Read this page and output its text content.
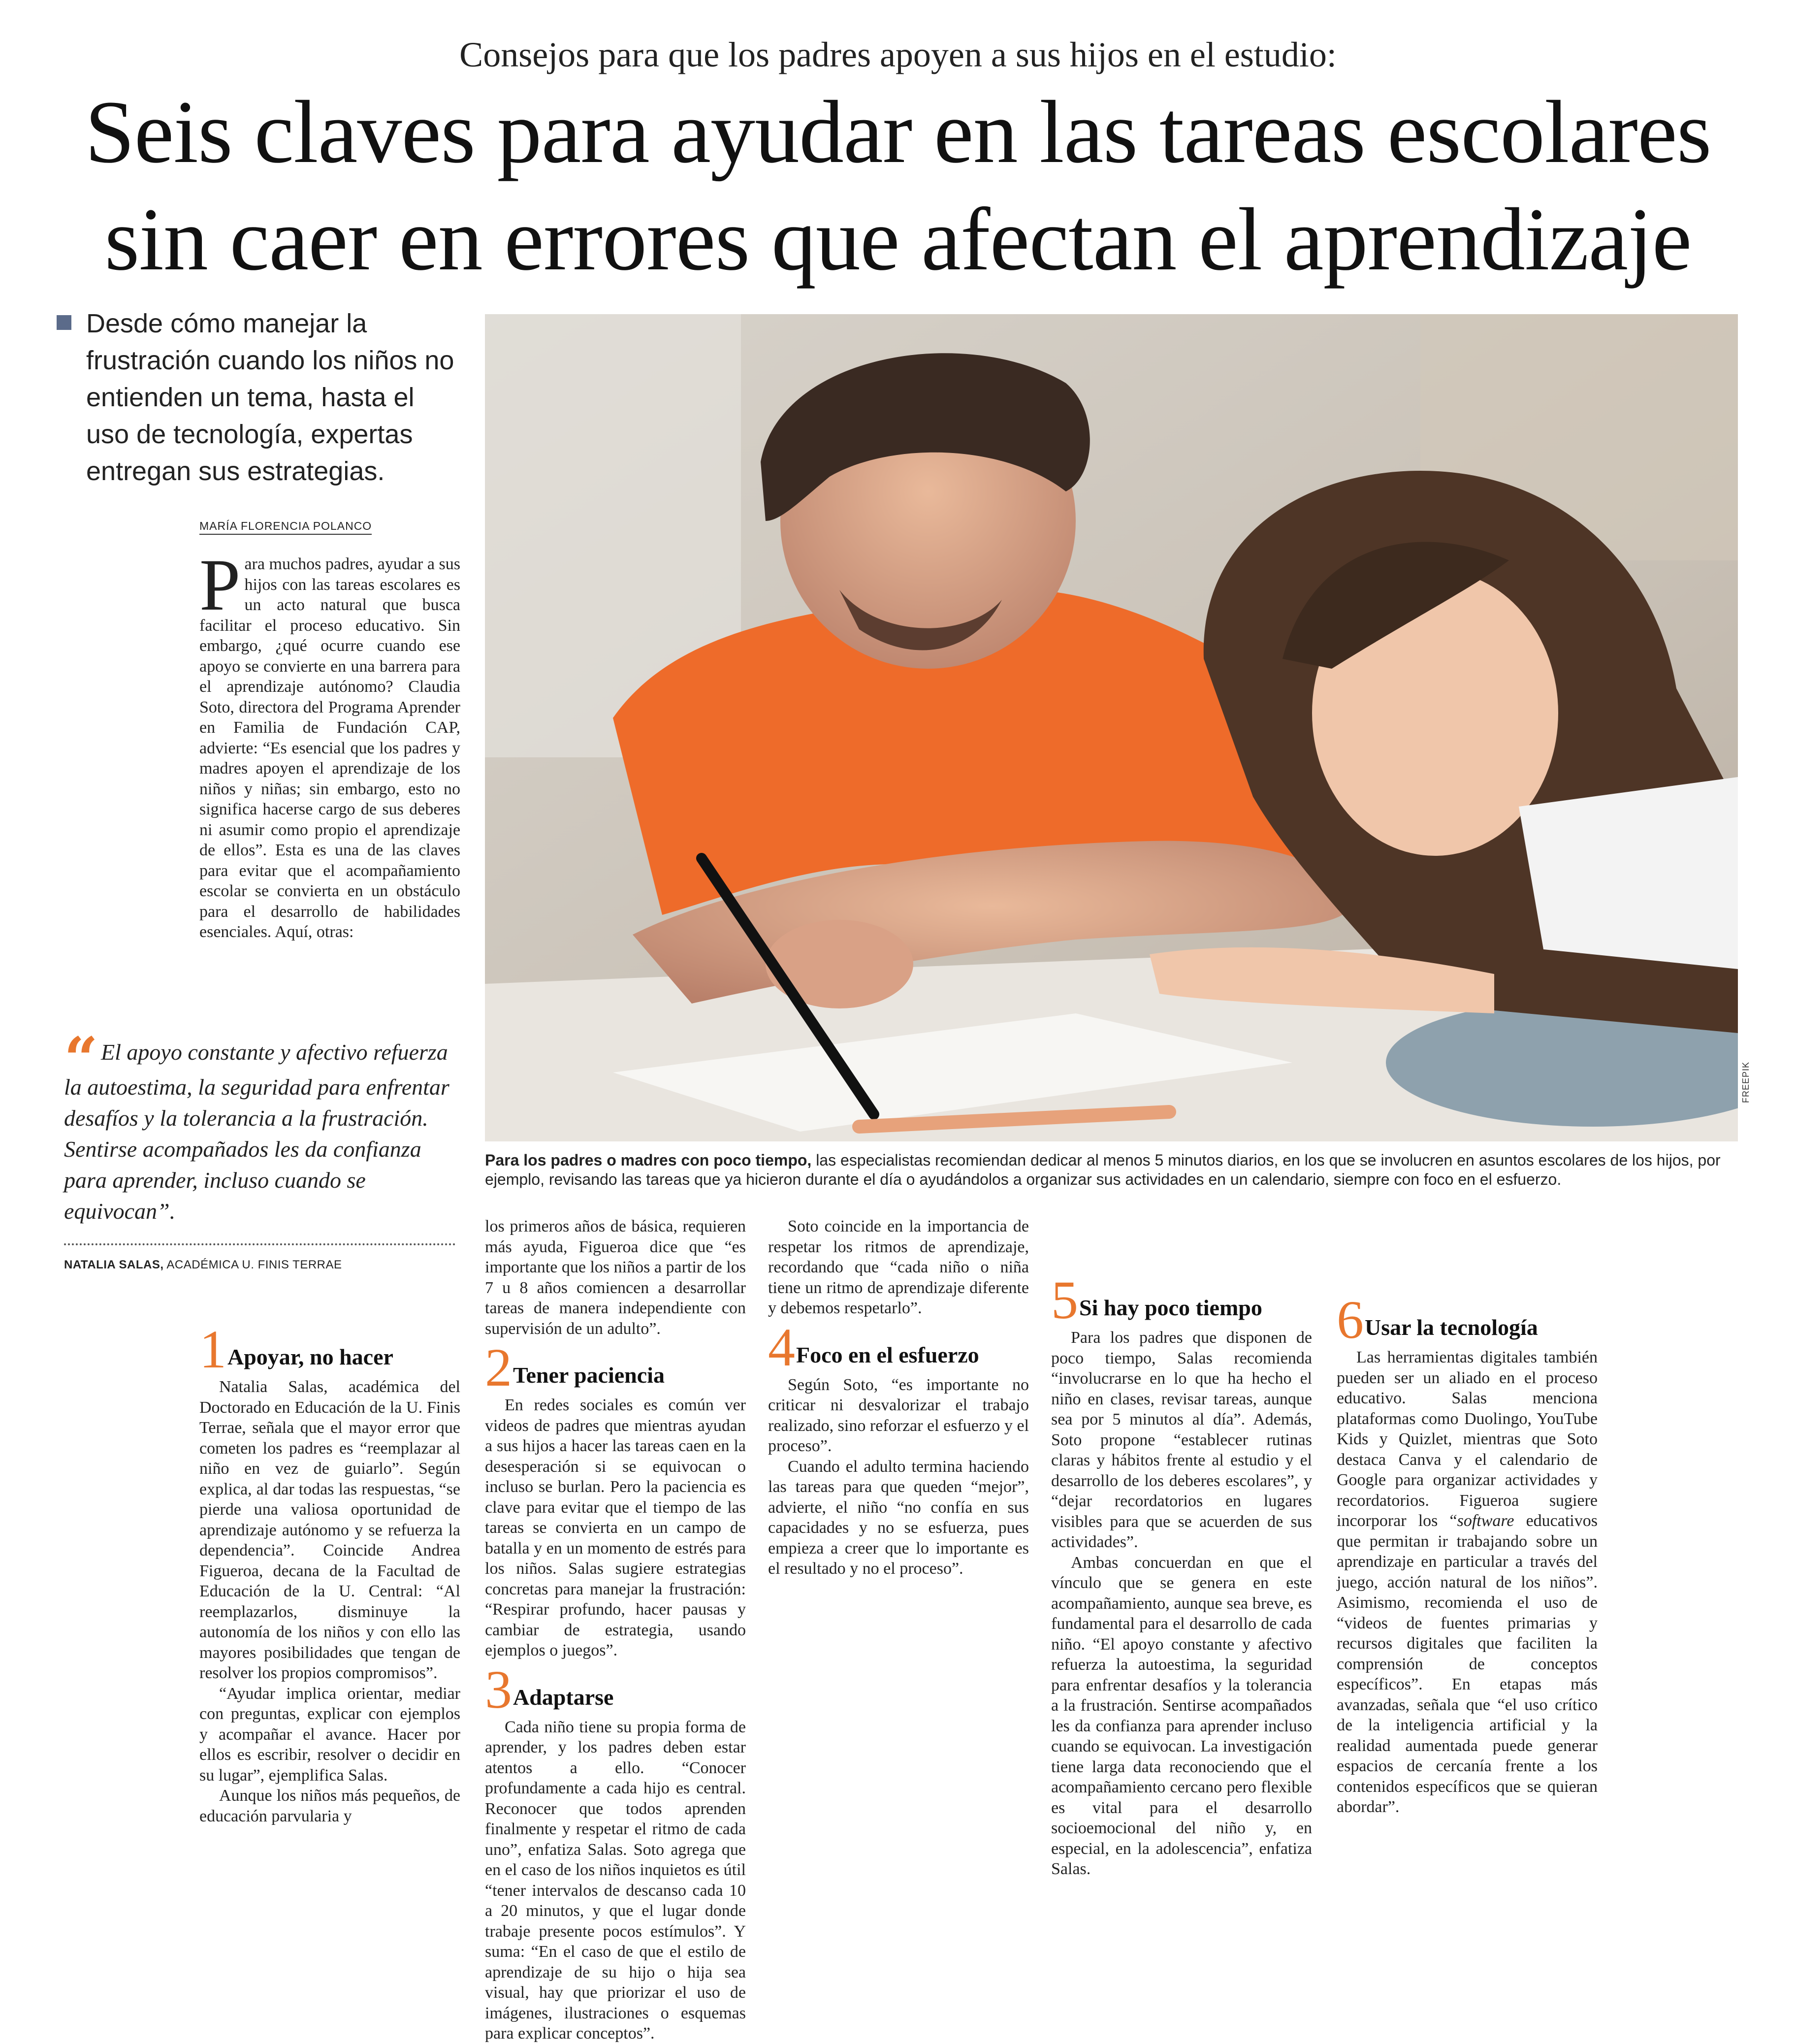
Consejos para que los padres apoyen a sus hijos en el estudio:
Seis claves para ayudar en las tareas escolares
sin caer en errores que afectan el aprendizaje

Desde cómo manejar la frustración cuando los niños no entienden un tema, hasta el uso de tecnología, expertas entregan sus estrategias.

MARÍA FLORENCIA POLANCO

Para muchos padres, ayudar a sus hijos con las tareas escolares es un acto natural que busca facilitar el proceso educativo. Sin embargo, ¿qué ocurre cuando ese apoyo se convierte en una barrera para el aprendizaje autónomo? Claudia Soto, directora del Programa Aprender en Familia de Fundación CAP, advierte: “Es esencial que los padres y madres apoyen el aprendizaje de los niños y niñas; sin embargo, esto no significa hacerse cargo de sus deberes ni asumir como propio el aprendizaje de ellos”. Esta es una de las claves para evitar que el acompañamiento escolar se convierta en un obstáculo para el desarrollo de habilidades esenciales. Aquí, otras:

“ El apoyo constante y afectivo refuerza la autoestima, la seguridad para enfrentar desafíos y la tolerancia a la frustración. Sentirse acompañados les da confianza para aprender, incluso cuando se equivocan”.
NATALIA SALAS, ACADÉMICA U. FINIS TERRAE
FREEPIK
Para los padres o madres con poco tiempo, las especialistas recomiendan dedicar al menos 5 minutos diarios, en los que se involucren en asuntos escolares de los hijos, por ejemplo, revisando las tareas que ya hicieron durante el día o ayudándolos a organizar sus actividades en un calendario, siempre con foco en el esfuerzo.
1Apoyar, no hacer

Natalia Salas, académica del Doctorado en Educación de la U. Finis Terrae, señala que el mayor error que cometen los padres es “reemplazar al niño en vez de guiarlo”. Según explica, al dar todas las respuestas, “se pierde una valiosa oportunidad de aprendizaje autónomo y se refuerza la dependencia”. Coincide Andrea Figueroa, decana de la Facultad de Educación de la U. Central: “Al reemplazarlos, disminuye la autonomía de los niños y con ello las mayores posibilidades que tengan de resolver los propios compromisos”.

“Ayudar implica orientar, mediar con preguntas, explicar con ejemplos y acompañar el avance. Hacer por ellos es escribir, resolver o decidir en su lugar”, ejemplifica Salas.

Aunque los niños más pequeños, de educación parvularia y

los primeros años de básica, requieren más ayuda, Figueroa dice que “es importante que los niños a partir de los 7 u 8 años comiencen a desarrollar tareas de manera independiente con supervisión de un adulto”.

2Tener paciencia

En redes sociales es común ver videos de padres que mientras ayudan a sus hijos a hacer las tareas caen en la desesperación si se equivocan o incluso se burlan. Pero la paciencia es clave para evitar que el tiempo de las tareas se convierta en un campo de batalla y en un momento de estrés para los niños. Salas sugiere estrategias concretas para manejar la frustración: “Respirar profundo, hacer pausas y cambiar de estrategia, usando ejemplos o juegos”.

3Adaptarse

Cada niño tiene su propia forma de aprender, y los padres deben estar atentos a ello. “Conocer profundamente a cada hijo es central. Reconocer que todos aprenden finalmente y respetar el ritmo de cada uno”, enfatiza Salas. Soto agrega que en el caso de los niños inquietos es útil “tener intervalos de descanso cada 10 a 20 minutos, y que el lugar donde trabaje presente pocos estímulos”. Y suma: “En el caso de que el estilo de aprendizaje de su hijo o hija sea visual, hay que priorizar el uso de imágenes, ilustraciones o esquemas para explicar conceptos”.

Soto coincide en la importancia de respetar los ritmos de aprendizaje, recordando que “cada niño o niña tiene un ritmo de aprendizaje diferente y debemos respetarlo”.

4Foco en el esfuerzo

Según Soto, “es importante no criticar ni desvalorizar el trabajo realizado, sino reforzar el esfuerzo y el proceso”.

Cuando el adulto termina haciendo las tareas para que queden “mejor”, advierte, el niño “no confía en sus capacidades y no se esfuerza, pues empieza a creer que lo importante es el resultado y no el proceso”.

5Si hay poco tiempo

Para los padres que disponen de poco tiempo, Salas recomienda “involucrarse en lo que ha hecho el niño en clases, revisar tareas, aunque sea por 5 minutos al día”. Además, Soto propone “establecer rutinas claras y hábitos frente al estudio y el desarrollo de los deberes escolares”, y “dejar recordatorios en lugares visibles para que se acuerden de sus actividades”.

Ambas concuerdan en que el vínculo que se genera en este acompañamiento, aunque sea breve, es fundamental para el desarrollo de cada niño. “El apoyo constante y afectivo refuerza la autoestima, la seguridad para enfrentar desafíos y la tolerancia a la frustración. Sentirse acompañados les da confianza para aprender incluso cuando se equivocan. La investigación tiene larga data reconociendo que el acompañamiento cercano pero flexible es vital para el desarrollo socioemocional del niño y, en especial, en la adolescencia”, enfatiza Salas.

6Usar la tecnología

Las herramientas digitales también pueden ser un aliado en el proceso educativo. Salas menciona plataformas como Duolingo, YouTube Kids y Quizlet, mientras que Soto destaca Canva y el calendario de Google para organizar actividades y recordatorios. Figueroa sugiere incorporar los “software educativos que permitan ir trabajando sobre un aprendizaje en particular a través del juego, acción natural de los niños”. Asimismo, recomienda el uso de “videos de fuentes primarias y recursos digitales que faciliten la comprensión de conceptos específicos”. En etapas más avanzadas, señala que “el uso crítico de la inteligencia artificial y la realidad aumentada puede generar espacios de cercanía frente a los contenidos específicos que se quieran abordar”.
